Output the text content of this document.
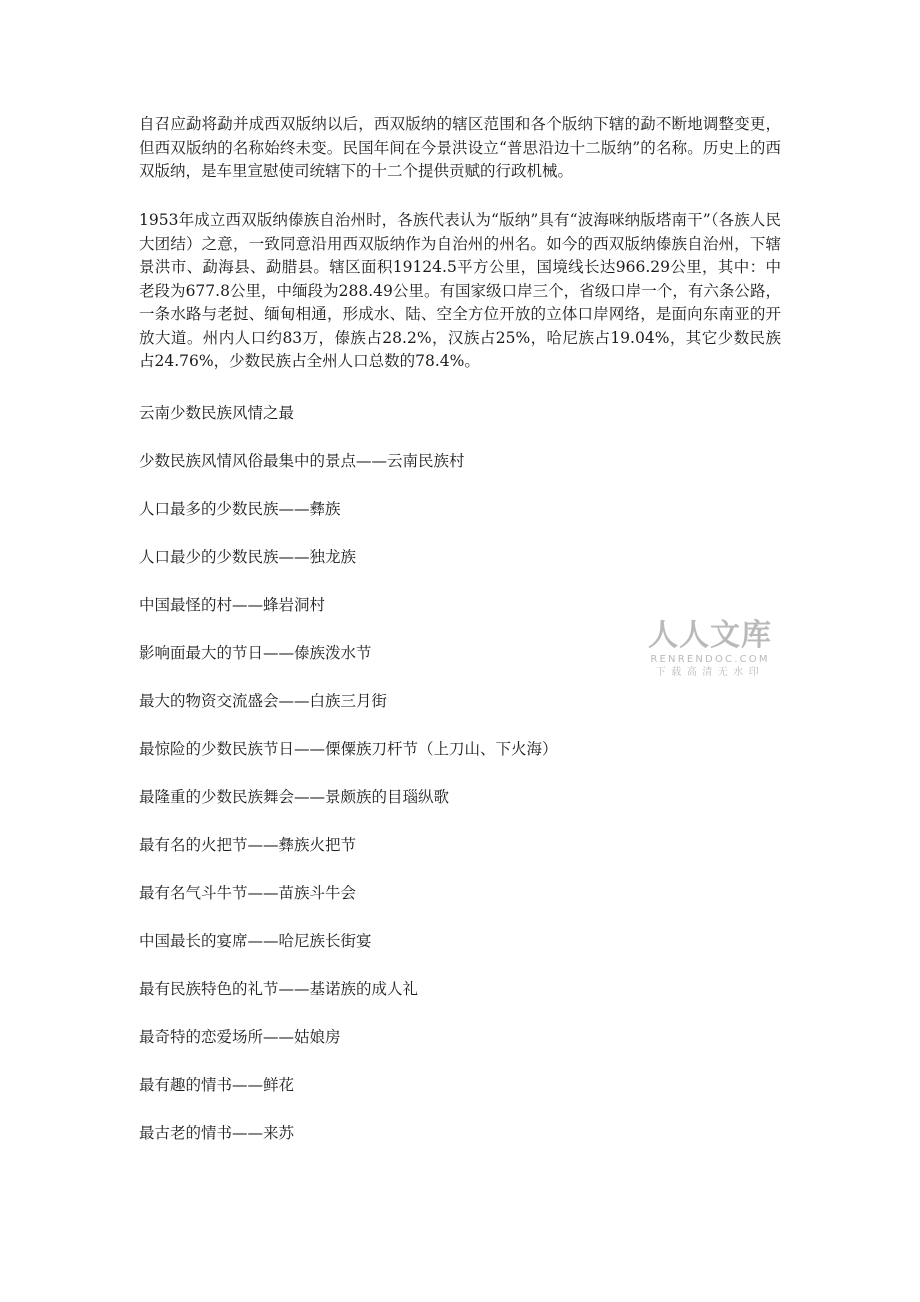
自召应勐将勐并成西双版纳以后，西双版纳的辖区范围和各个版纳下辖的勐不断地调整变更，但西双版纳的名称始终未变。民国年间在今景洪设立“普思沿边十二版纳”的名称。历史上的西双版纳，是车里宣慰使司统辖下的十二个提供贡赋的行政机械。

1953年成立西双版纳傣族自治州时，各族代表认为“版纳”具有“波海咪纳版塔南干”（各族人民大团结）之意，一致同意沿用西双版纳作为自治州的州名。如今的西双版纳傣族自治州，下辖景洪市、勐海县、勐腊县。辖区面积19124.5平方公里，国境线长达966.29公里，其中：中老段为677.8公里，中缅段为288.49公里。有国家级口岸三个，省级口岸一个，有六条公路，一条水路与老挝、缅甸相通，形成水、陆、空全方位开放的立体口岸网络，是面向东南亚的开放大道。州内人口约83万，傣族占28.2%，汉族占25%，哈尼族占19.04%，其它少数民族占24.76%，少数民族占全州人口总数的78.4%。

云南少数民族风情之最

少数民族风情风俗最集中的景点——云南民族村

人口最多的少数民族——彝族

人口最少的少数民族——独龙族

中国最怪的村——蜂岩洞村

影响面最大的节日——傣族泼水节

最大的物资交流盛会——白族三月街

最惊险的少数民族节日——傈僳族刀杆节（上刀山、下火海）

最隆重的少数民族舞会——景颇族的目瑙纵歌

最有名的火把节——彝族火把节

最有名气斗牛节——苗族斗牛会

中国最长的宴席——哈尼族长街宴

最有民族特色的礼节——基诺族的成人礼

最奇特的恋爱场所——姑娘房

最有趣的情书——鲜花

最古老的情书——来苏

人人文库
RENRENDOC.COM
下载高清无水印
